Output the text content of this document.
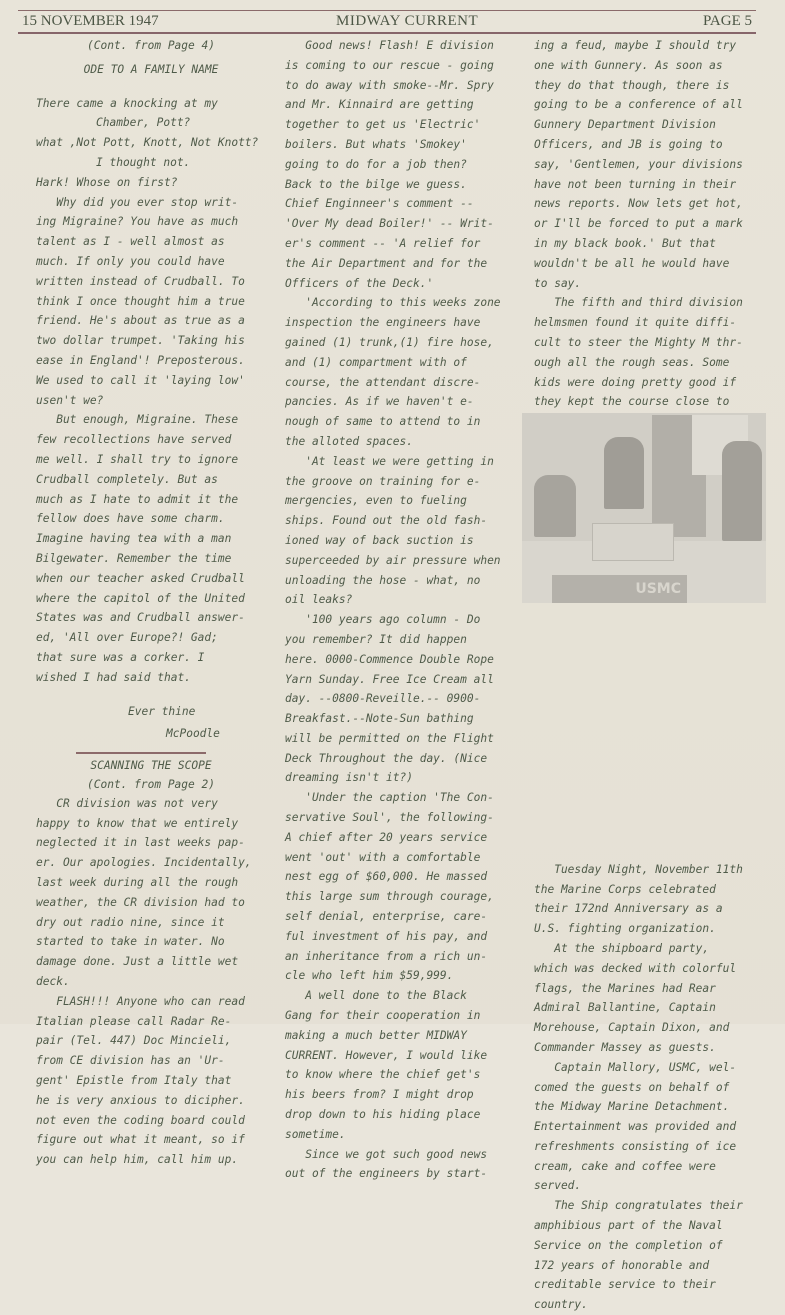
15 NOVEMBER 1947	MIDWAY CURRENT	PAGE 5

(Cont. from Page 4)

ODE TO A FAMILY NAME

There came a knocking at my

Chamber, Pott?

what ,Not Pott, Knott, Not Knott?

I thought not.

Hark! Whose on first?

Why did you ever stop writ-

ing Migraine? You have as much

talent as I - well almost as

much. If only you could have

written instead of Crudball. To

think I once thought him a true

friend. He's about as true as a

two dollar trumpet. 'Taking his

ease in England'! Preposterous.

We used to call it 'laying low'

usen't we?

But enough, Migraine. These

few recollections have served

me well. I shall try to ignore

Crudball completely. But as

much as I hate to admit it the

fellow does have some charm.

Imagine having tea with a man

Bilgewater. Remember the time

when our teacher asked Crudball

where the capitol of the United

States was and Crudball answer-

ed, 'All over Europe?! Gad;

that sure was a corker. I

wished I had said that.

Ever thine

McPoodle

SCANNING THE SCOPE

(Cont. from Page 2)

CR division was not very

happy to know that we entirely

neglected it in last weeks pap-

er. Our apologies. Incidentally,

last week during all the rough

weather, the CR division had to

dry out radio nine, since it

started to take in water. No

damage done. Just a little wet

deck.

FLASH!!! Anyone who can read

Italian please call Radar Re-

pair (Tel. 447) Doc Mincieli,

from CE division has an 'Ur-

gent' Epistle from Italy that

he is very anxious to dicipher.

not even the coding board could

figure out what it meant, so if

you can help him, call him up.

Good news! Flash! E division

is coming to our rescue - going

to do away with smoke--Mr. Spry

and Mr. Kinnaird are getting

together to get us 'Electric'

boilers. But whats 'Smokey'

going to do for a job then?

Back to the bilge we guess.

Chief Enginneer's comment --

'Over My dead Boiler!' -- Writ-

er's comment -- 'A relief for

the Air Department and for the

Officers of the Deck.'

'According to this weeks zone

inspection the engineers have

gained (1) trunk,(1) fire hose,

and (1) compartment with of

course, the attendant discre-

pancies. As if we haven't e-

nough of same to attend to in

the alloted spaces.

'At least we were getting in

the groove on training for e-

mergencies, even to fueling

ships. Found out the old fash-

ioned way of back suction is

superceeded by air pressure when

unloading the hose - what, no

oil leaks?

'100 years ago column - Do

you remember? It did happen

here. 0000-Commence Double Rope

Yarn Sunday. Free Ice Cream all

day. --0800-Reveille.-- 0900-

Breakfast.--Note-Sun bathing

will be permitted on the Flight

Deck Throughout the day. (Nice

dreaming isn't it?)

'Under the caption 'The Con-

servative Soul', the following-

A chief after 20 years service

went 'out' with a comfortable

nest egg of $60,000. He massed

this large sum through courage,

self denial, enterprise, care-

ful investment of his pay, and

an inheritance from a rich un-

cle who left him $59,999.

A well done to the Black

Gang for their cooperation in

making a much better MIDWAY

CURRENT. However, I would like

to know where the chief get's

his beers from? I might drop

drop down to his hiding place

sometime.

Since we got such good news

out of the engineers by start-

ing a feud, maybe I should try

one with Gunnery. As soon as

they do that though, there is

going to be a conference of all

Gunnery Department Division

Officers, and JB is going to

say, 'Gentlemen, your divisions

have not been turning in their

news reports. Now lets get hot,

or I'll be forced to put a mark

in my black book.' But that

wouldn't be all he would have

to say.

The fifth and third division

helmsmen found it quite diffi-

cult to steer the Mighty M thr-

ough all the rough seas. Some

kids were doing pretty good if

they kept the course close to

Tuesday Night, November 11th

the Marine Corps celebrated

their 172nd Anniversary as a

U.S. fighting organization.

At the shipboard party,

which was decked with colorful

flags, the Marines had Rear

Admiral Ballantine, Captain

Morehouse, Captain Dixon, and

Commander Massey as guests.

Captain Mallory, USMC, wel-

comed the guests on behalf of

the Midway Marine Detachment.

Entertainment was provided and

refreshments consisting of ice

cream, cake and coffee were

served.

The Ship congratulates their

amphibious part of the Naval

Service on the completion of

172 years of honorable and

creditable service to their

country.

USMC
